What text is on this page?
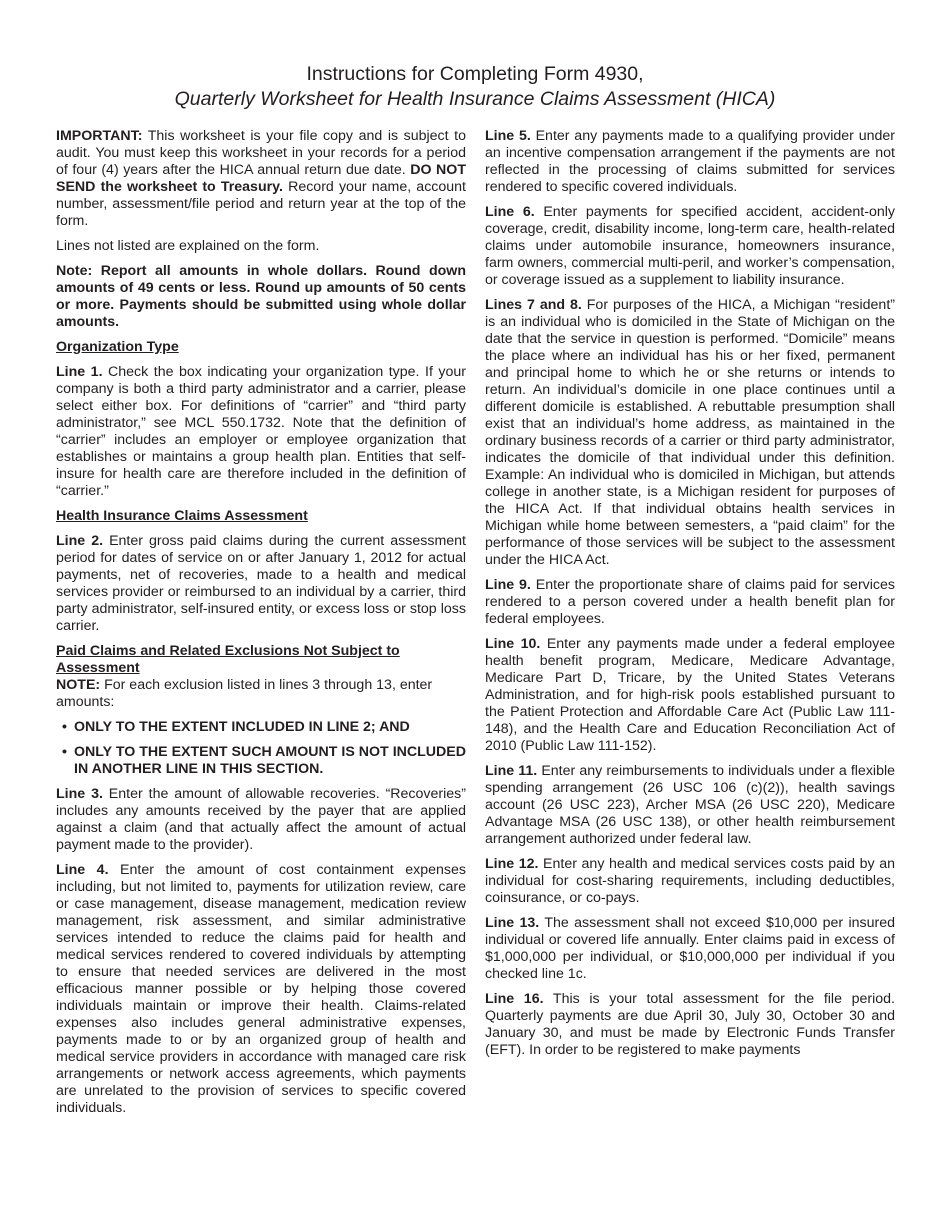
Instructions for Completing Form 4930,
Quarterly Worksheet for Health Insurance Claims Assessment (HICA)

IMPORTANT: This worksheet is your file copy and is subject to audit. You must keep this worksheet in your records for a period of four (4) years after the HICA annual return due date. DO NOT SEND the worksheet to Treasury. Record your name, account number, assessment/file period and return year at the top of the form.

Lines not listed are explained on the form.

Note: Report all amounts in whole dollars. Round down amounts of 49 cents or less. Round up amounts of 50 cents or more. Payments should be submitted using whole dollar amounts.

Organization Type

Line 1. Check the box indicating your organization type. If your company is both a third party administrator and a carrier, please select either box. For definitions of “carrier” and “third party administrator,” see MCL 550.1732. Note that the definition of “carrier” includes an employer or employee organization that establishes or maintains a group health plan. Entities that self-insure for health care are therefore included in the definition of “carrier.”

Health Insurance Claims Assessment

Line 2. Enter gross paid claims during the current assessment period for dates of service on or after January 1, 2012 for actual payments, net of recoveries, made to a health and medical services provider or reimbursed to an individual by a carrier, third party administrator, self-insured entity, or excess loss or stop loss carrier.

Paid Claims and Related Exclusions Not Subject to Assessment

NOTE: For each exclusion listed in lines 3 through 13, enter amounts:

• ONLY TO THE EXTENT INCLUDED IN LINE 2; AND
• ONLY TO THE EXTENT SUCH AMOUNT IS NOT INCLUDED IN ANOTHER LINE IN THIS SECTION.

Line 3. Enter the amount of allowable recoveries. “Recoveries” includes any amounts received by the payer that are applied against a claim (and that actually affect the amount of actual payment made to the provider).

Line 4. Enter the amount of cost containment expenses including, but not limited to, payments for utilization review, care or case management, disease management, medication review management, risk assessment, and similar administrative services intended to reduce the claims paid for health and medical services rendered to covered individuals by attempting to ensure that needed services are delivered in the most efficacious manner possible or by helping those covered individuals maintain or improve their health. Claims-related expenses also includes general administrative expenses, payments made to or by an organized group of health and medical service providers in accordance with managed care risk arrangements or network access agreements, which payments are unrelated to the provision of services to specific covered individuals.

Line 5. Enter any payments made to a qualifying provider under an incentive compensation arrangement if the payments are not reflected in the processing of claims submitted for services rendered to specific covered individuals.

Line 6. Enter payments for specified accident, accident-only coverage, credit, disability income, long-term care, health-related claims under automobile insurance, homeowners insurance, farm owners, commercial multi-peril, and worker’s compensation, or coverage issued as a supplement to liability insurance.

Lines 7 and 8. For purposes of the HICA, a Michigan “resident” is an individual who is domiciled in the State of Michigan on the date that the service in question is performed. “Domicile” means the place where an individual has his or her fixed, permanent and principal home to which he or she returns or intends to return. An individual’s domicile in one place continues until a different domicile is established. A rebuttable presumption shall exist that an individual’s home address, as maintained in the ordinary business records of a carrier or third party administrator, indicates the domicile of that individual under this definition. Example: An individual who is domiciled in Michigan, but attends college in another state, is a Michigan resident for purposes of the HICA Act. If that individual obtains health services in Michigan while home between semesters, a “paid claim” for the performance of those services will be subject to the assessment under the HICA Act.

Line 9. Enter the proportionate share of claims paid for services rendered to a person covered under a health benefit plan for federal employees.

Line 10. Enter any payments made under a federal employee health benefit program, Medicare, Medicare Advantage, Medicare Part D, Tricare, by the United States Veterans Administration, and for high-risk pools established pursuant to the Patient Protection and Affordable Care Act (Public Law 111-148), and the Health Care and Education Reconciliation Act of 2010 (Public Law 111-152).

Line 11. Enter any reimbursements to individuals under a flexible spending arrangement (26 USC 106 (c)(2)), health savings account (26 USC 223), Archer MSA (26 USC 220), Medicare Advantage MSA (26 USC 138), or other health reimbursement arrangement authorized under federal law.

Line 12. Enter any health and medical services costs paid by an individual for cost-sharing requirements, including deductibles, coinsurance, or co-pays.

Line 13. The assessment shall not exceed $10,000 per insured individual or covered life annually. Enter claims paid in excess of $1,000,000 per individual, or $10,000,000 per individual if you checked line 1c.

Line 16. This is your total assessment for the file period. Quarterly payments are due April 30, July 30, October 30 and January 30, and must be made by Electronic Funds Transfer (EFT). In order to be registered to make payments
